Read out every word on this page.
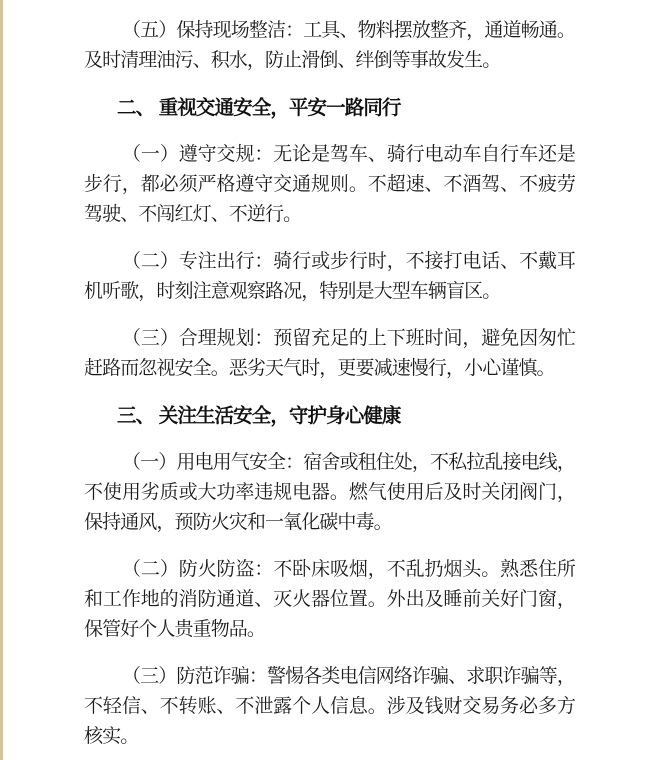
（五）保持现场整洁：工具、物料摆放整齐，通道畅通。
及时清理油污、积水，防止滑倒、绊倒等事故发生。
二、 重视交通安全，平安一路同行
（一）遵守交规：无论是驾车、骑行电动车自行车还是
步行，都必须严格遵守交通规则。不超速、不酒驾、不疲劳
驾驶、不闯红灯、不逆行。
（二）专注出行：骑行或步行时，不接打电话、不戴耳
机听歌，时刻注意观察路况，特别是大型车辆盲区。
（三）合理规划：预留充足的上下班时间，避免因匆忙
赶路而忽视安全。恶劣天气时，更要减速慢行，小心谨慎。
三、 关注生活安全，守护身心健康
（一）用电用气安全：宿舍或租住处，不私拉乱接电线，
不使用劣质或大功率违规电器。燃气使用后及时关闭阀门，
保持通风，预防火灾和一氧化碳中毒。
（二）防火防盗：不卧床吸烟，不乱扔烟头。熟悉住所
和工作地的消防通道、灭火器位置。外出及睡前关好门窗，
保管好个人贵重物品。
（三）防范诈骗：警惕各类电信网络诈骗、求职诈骗等，
不轻信、不转账、不泄露个人信息。涉及钱财交易务必多方
核实。
